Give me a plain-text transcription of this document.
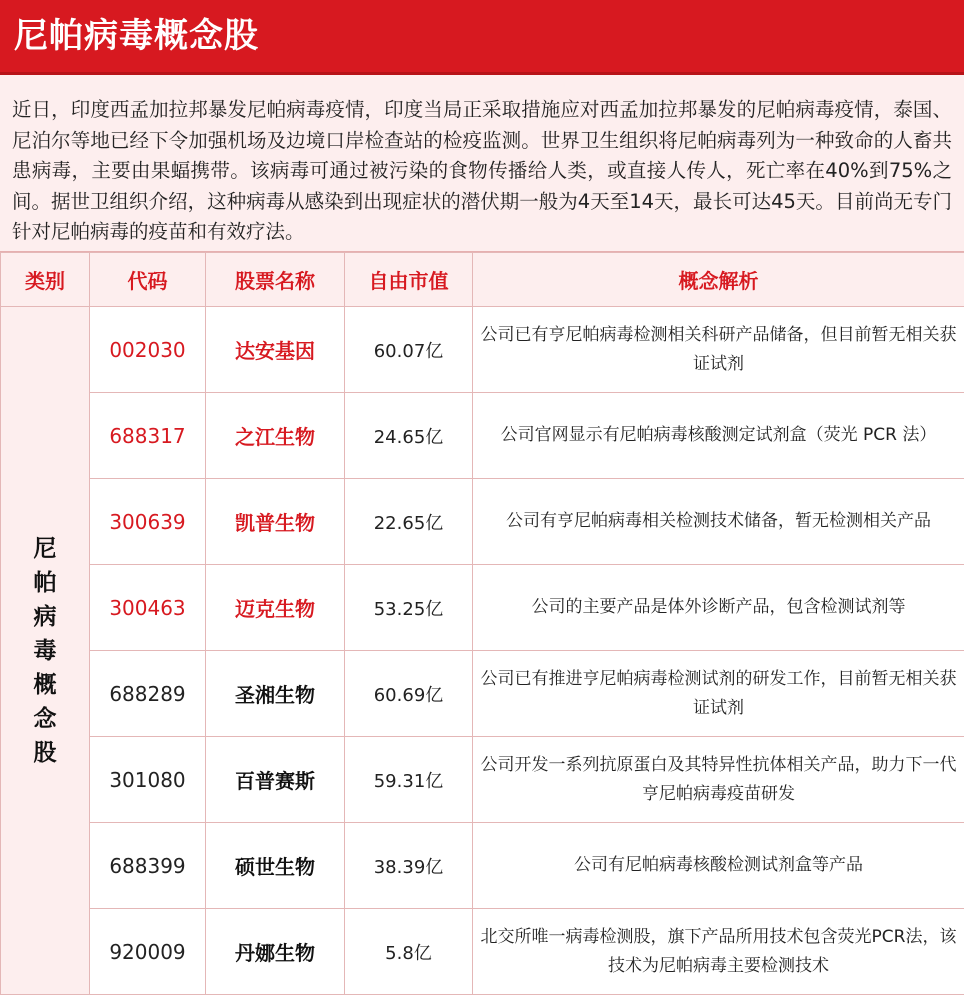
尼帕病毒概念股

近日，印度西孟加拉邦暴发尼帕病毒疫情，印度当局正采取措施应对西孟加拉邦暴发的尼帕病毒疫情，泰国、尼泊尔等地已经下令加强机场及边境口岸检查站的检疫监测。世界卫生组织将尼帕病毒列为一种致命的人畜共患病毒，主要由果蝠携带。该病毒可通过被污染的食物传播给人类，或直接人传人，死亡率在40%到75%之间。据世卫组织介绍，这种病毒从感染到出现症状的潜伏期一般为4天至14天，最长可达45天。目前尚无专门针对尼帕病毒的疫苗和有效疗法。

类别	代码	股票名称	自由市值	概念解析
尼帕病毒概念股	002030	达安基因	60.07亿	公司已有亨尼帕病毒检测相关科研产品储备，但目前暂无相关获证试剂
	688317	之江生物	24.65亿	公司官网显示有尼帕病毒核酸测定试剂盒（荧光 PCR 法）
	300639	凯普生物	22.65亿	公司有亨尼帕病毒相关检测技术储备，暂无检测相关产品
	300463	迈克生物	53.25亿	公司的主要产品是体外诊断产品，包含检测试剂等
	688289	圣湘生物	60.69亿	公司已有推进亨尼帕病毒检测试剂的研发工作，目前暂无相关获证试剂
	301080	百普赛斯	59.31亿	公司开发一系列抗原蛋白及其特异性抗体相关产品，助力下一代亨尼帕病毒疫苗研发
	688399	硕世生物	38.39亿	公司有尼帕病毒核酸检测试剂盒等产品
	920009	丹娜生物	5.8亿	北交所唯一病毒检测股，旗下产品所用技术包含荧光PCR法，该技术为尼帕病毒主要检测技术
